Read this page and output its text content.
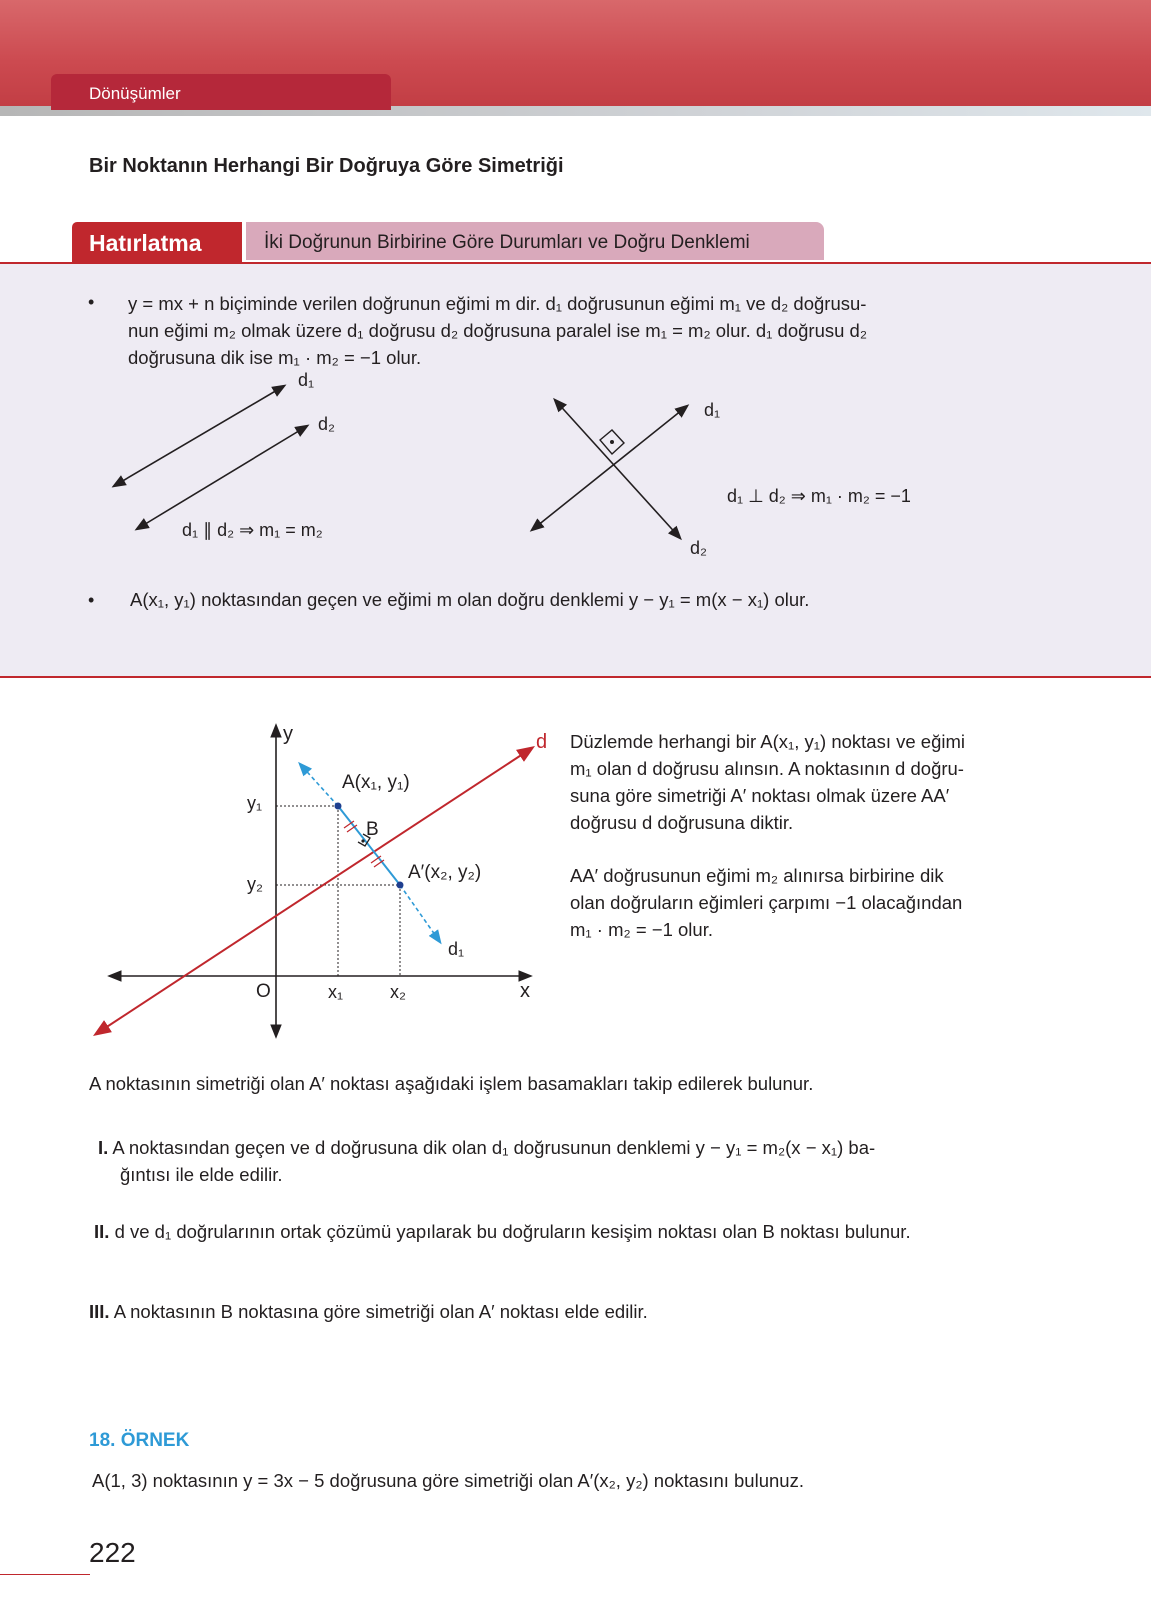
Dönüşümler
Bir Noktanın Herhangi Bir Doğruya Göre Simetriği
Hatırlatma	İki Doğrunun Birbirine Göre Durumları ve Doğru Denklemi
• y = mx + n biçiminde verilen doğrunun eğimi m dir. d₁ doğrusunun eğimi m₁ ve d₂ doğrusu-
nun eğimi m₂ olmak üzere d₁ doğrusu d₂ doğrusuna paralel ise m₁ = m₂ olur. d₁ doğrusu d₂
doğrusuna dik ise m₁ · m₂ = −1 olur.
d₁
d₂
d₁ ∥ d₂ ⇒ m₁ = m₂
d₁
d₂
d₁ ⊥ d₂ ⇒ m₁ · m₂ = −1
• A(x₁, y₁) noktasından geçen ve eğimi m olan doğru denklemi y − y₁ = m(x − x₁) olur.
y
x
O
d
d₁
y₁
y₂
x₁	x₂
A(x₁, y₁)
B
A′(x₂, y₂)
Düzlemde herhangi bir A(x₁, y₁) noktası ve eğimi
m₁ olan d doğrusu alınsın. A noktasının d doğru-
suna göre simetriği A′ noktası olmak üzere AA′
doğrusu d doğrusuna diktir.
AA′ doğrusunun eğimi m₂ alınırsa birbirine dik
olan doğruların eğimleri çarpımı −1 olacağından
m₁ · m₂ = −1 olur.
A noktasının simetriği olan A′ noktası aşağıdaki işlem basamakları takip edilerek bulunur.
I. A noktasından geçen ve d doğrusuna dik olan d₁ doğrusunun denklemi y − y₁ = m₂(x − x₁) ba-
ğıntısı ile elde edilir.
II. d ve d₁ doğrularının ortak çözümü yapılarak bu doğruların kesişim noktası olan B noktası bulunur.
III. A noktasının B noktasına göre simetriği olan A′ noktası elde edilir.
18. ÖRNEK
A(1, 3) noktasının y = 3x − 5 doğrusuna göre simetriği olan A′(x₂, y₂) noktasını bulunuz.
222
